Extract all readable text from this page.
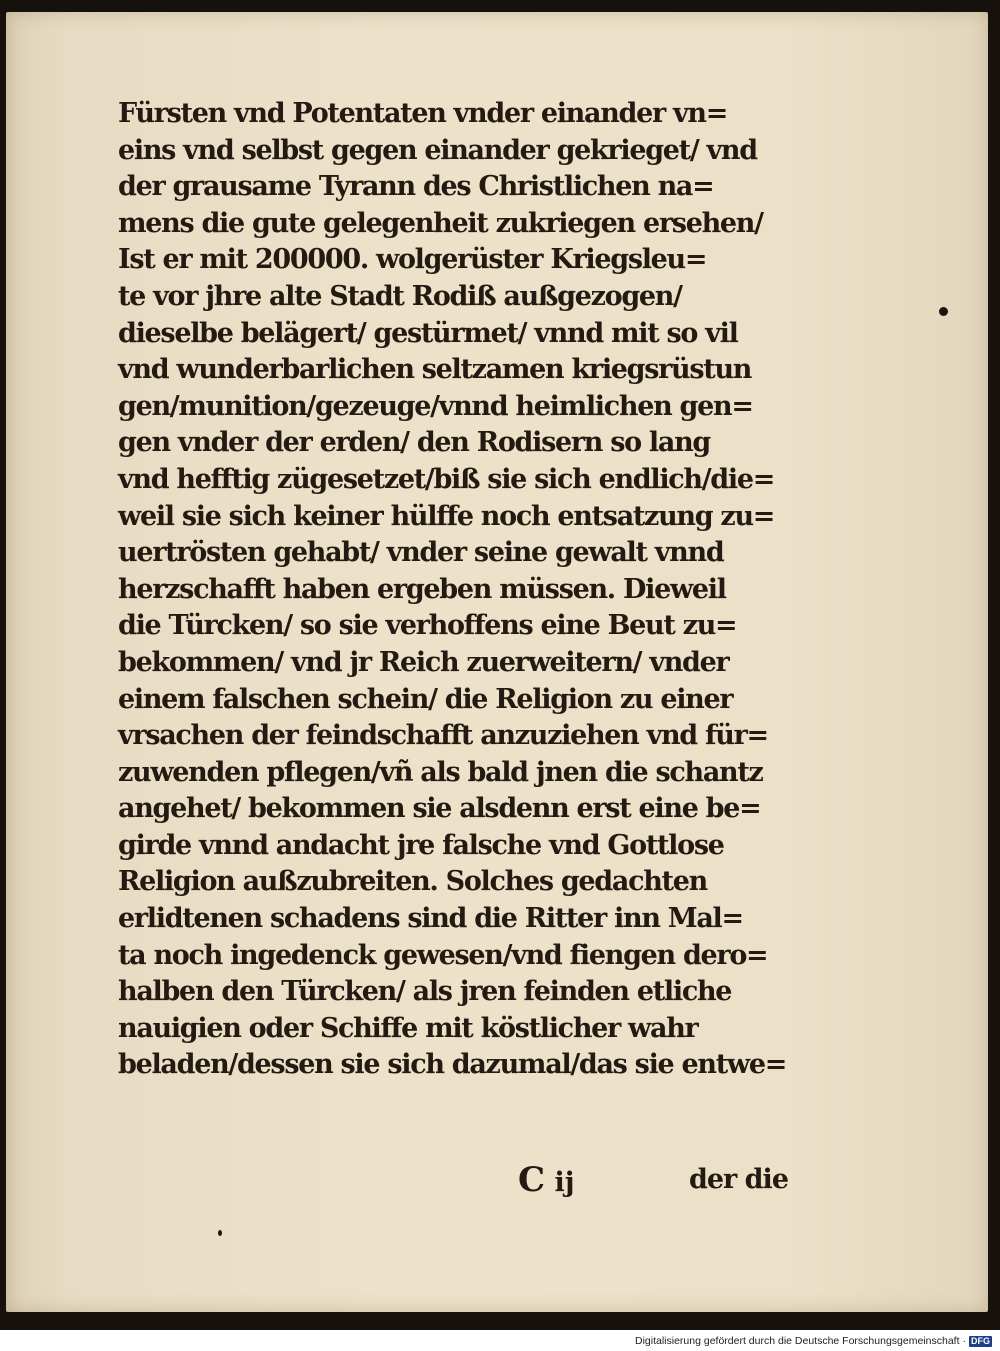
Fürsten vnd Potentaten vnder einander vn=
eins vnd selbst gegen einander gekrieget/ vnd
der grausame Tyrann des Christlichen na=
mens die gute gelegenheit zukriegen ersehen/
Ist er mit 200000. wolgerüster Kriegsleu=
te vor jhre alte Stadt Rodiß außgezogen/
dieselbe belägert/ gestürmet/ vnnd mit so vil
vnd wunderbarlichen seltzamen kriegsrüstun
gen/munition/gezeuge/vnnd heimlichen gen=
gen vnder der erden/ den Rodisern so lang
vnd hefftig zügesetzet/biß sie sich endlich/die=
weil sie sich keiner hülffe noch entsatzung zu=
uertrösten gehabt/ vnder seine gewalt vnnd
herzschafft haben ergeben müssen. Dieweil
die Türcken/ so sie verhoffens eine Beut zu=
bekommen/ vnd jr Reich zuerweitern/ vnder
einem falschen schein/ die Religion zu einer
vrsachen der feindschafft anzuziehen vnd für=
zuwenden pflegen/vñ als bald jnen die schantz
angehet/ bekommen sie alsdenn erst eine be=
girde vnnd andacht jre falsche vnd Gottlose
Religion außzubreiten. Solches gedachten
erlidtenen schadens sind die Ritter inn Mal=
ta noch ingedenck gewesen/vnd fiengen dero=
halben den Türcken/ als jren feinden etliche
nauigien oder Schiffe mit köstlicher wahr
beladen/dessen sie sich dazumal/das sie entwe=
C ij	der die
Digitalisierung gefördert durch die Deutsche Forschungsgemeinschaft · DFG
